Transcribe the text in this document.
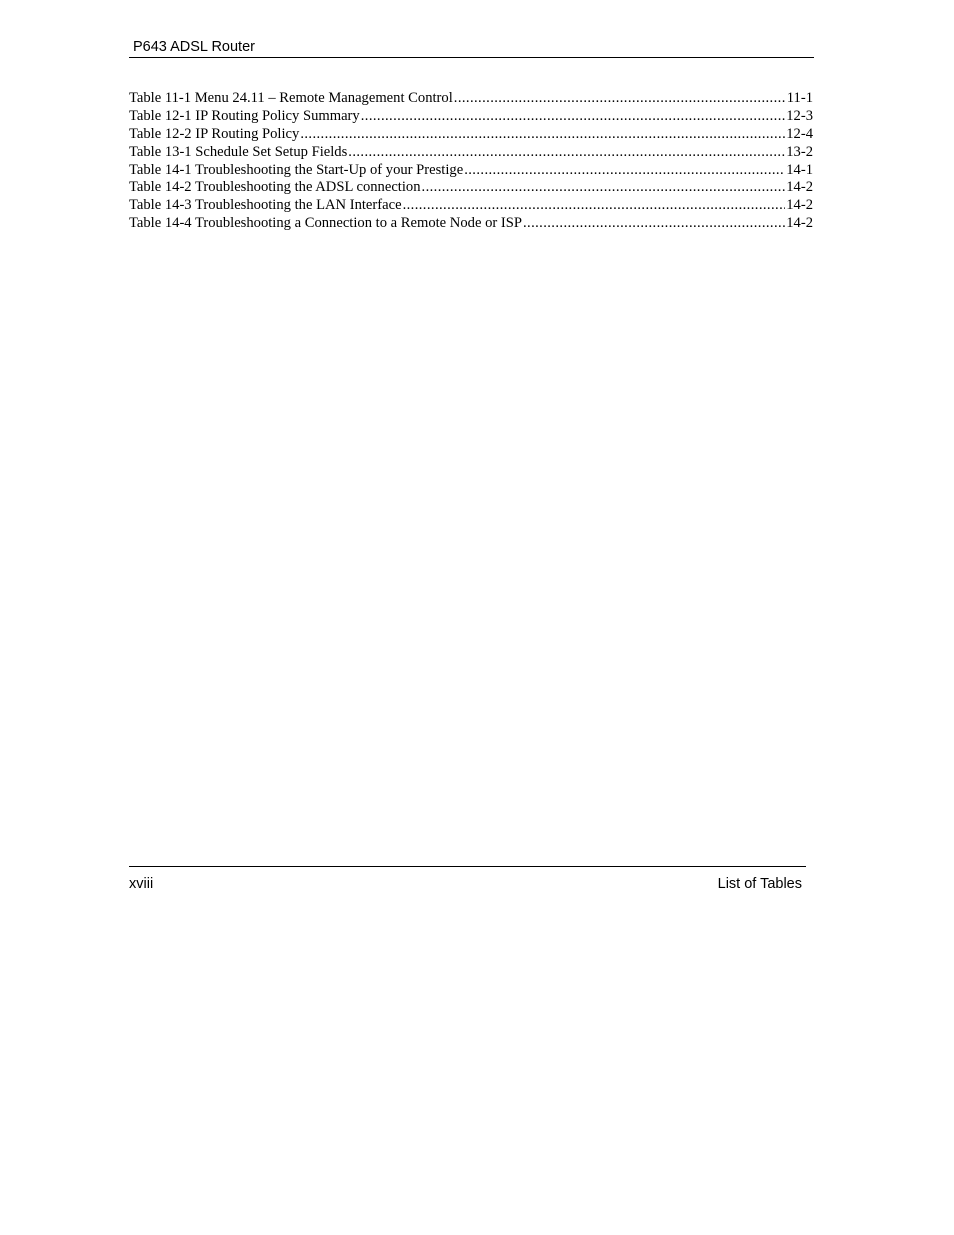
P643 ADSL Router
Table 11-1 Menu 24.11 – Remote Management Control .....	11-1
Table 12-1 IP Routing Policy Summary .....	12-3
Table 12-2 IP Routing Policy .....	12-4
Table 13-1 Schedule Set Setup Fields .....	13-2
Table 14-1 Troubleshooting the Start-Up of your Prestige .....	14-1
Table 14-2 Troubleshooting the ADSL connection .....	14-2
Table 14-3 Troubleshooting the LAN Interface .....	14-2
Table 14-4 Troubleshooting a Connection to a Remote Node or ISP .....	14-2
xviii	List of Tables
